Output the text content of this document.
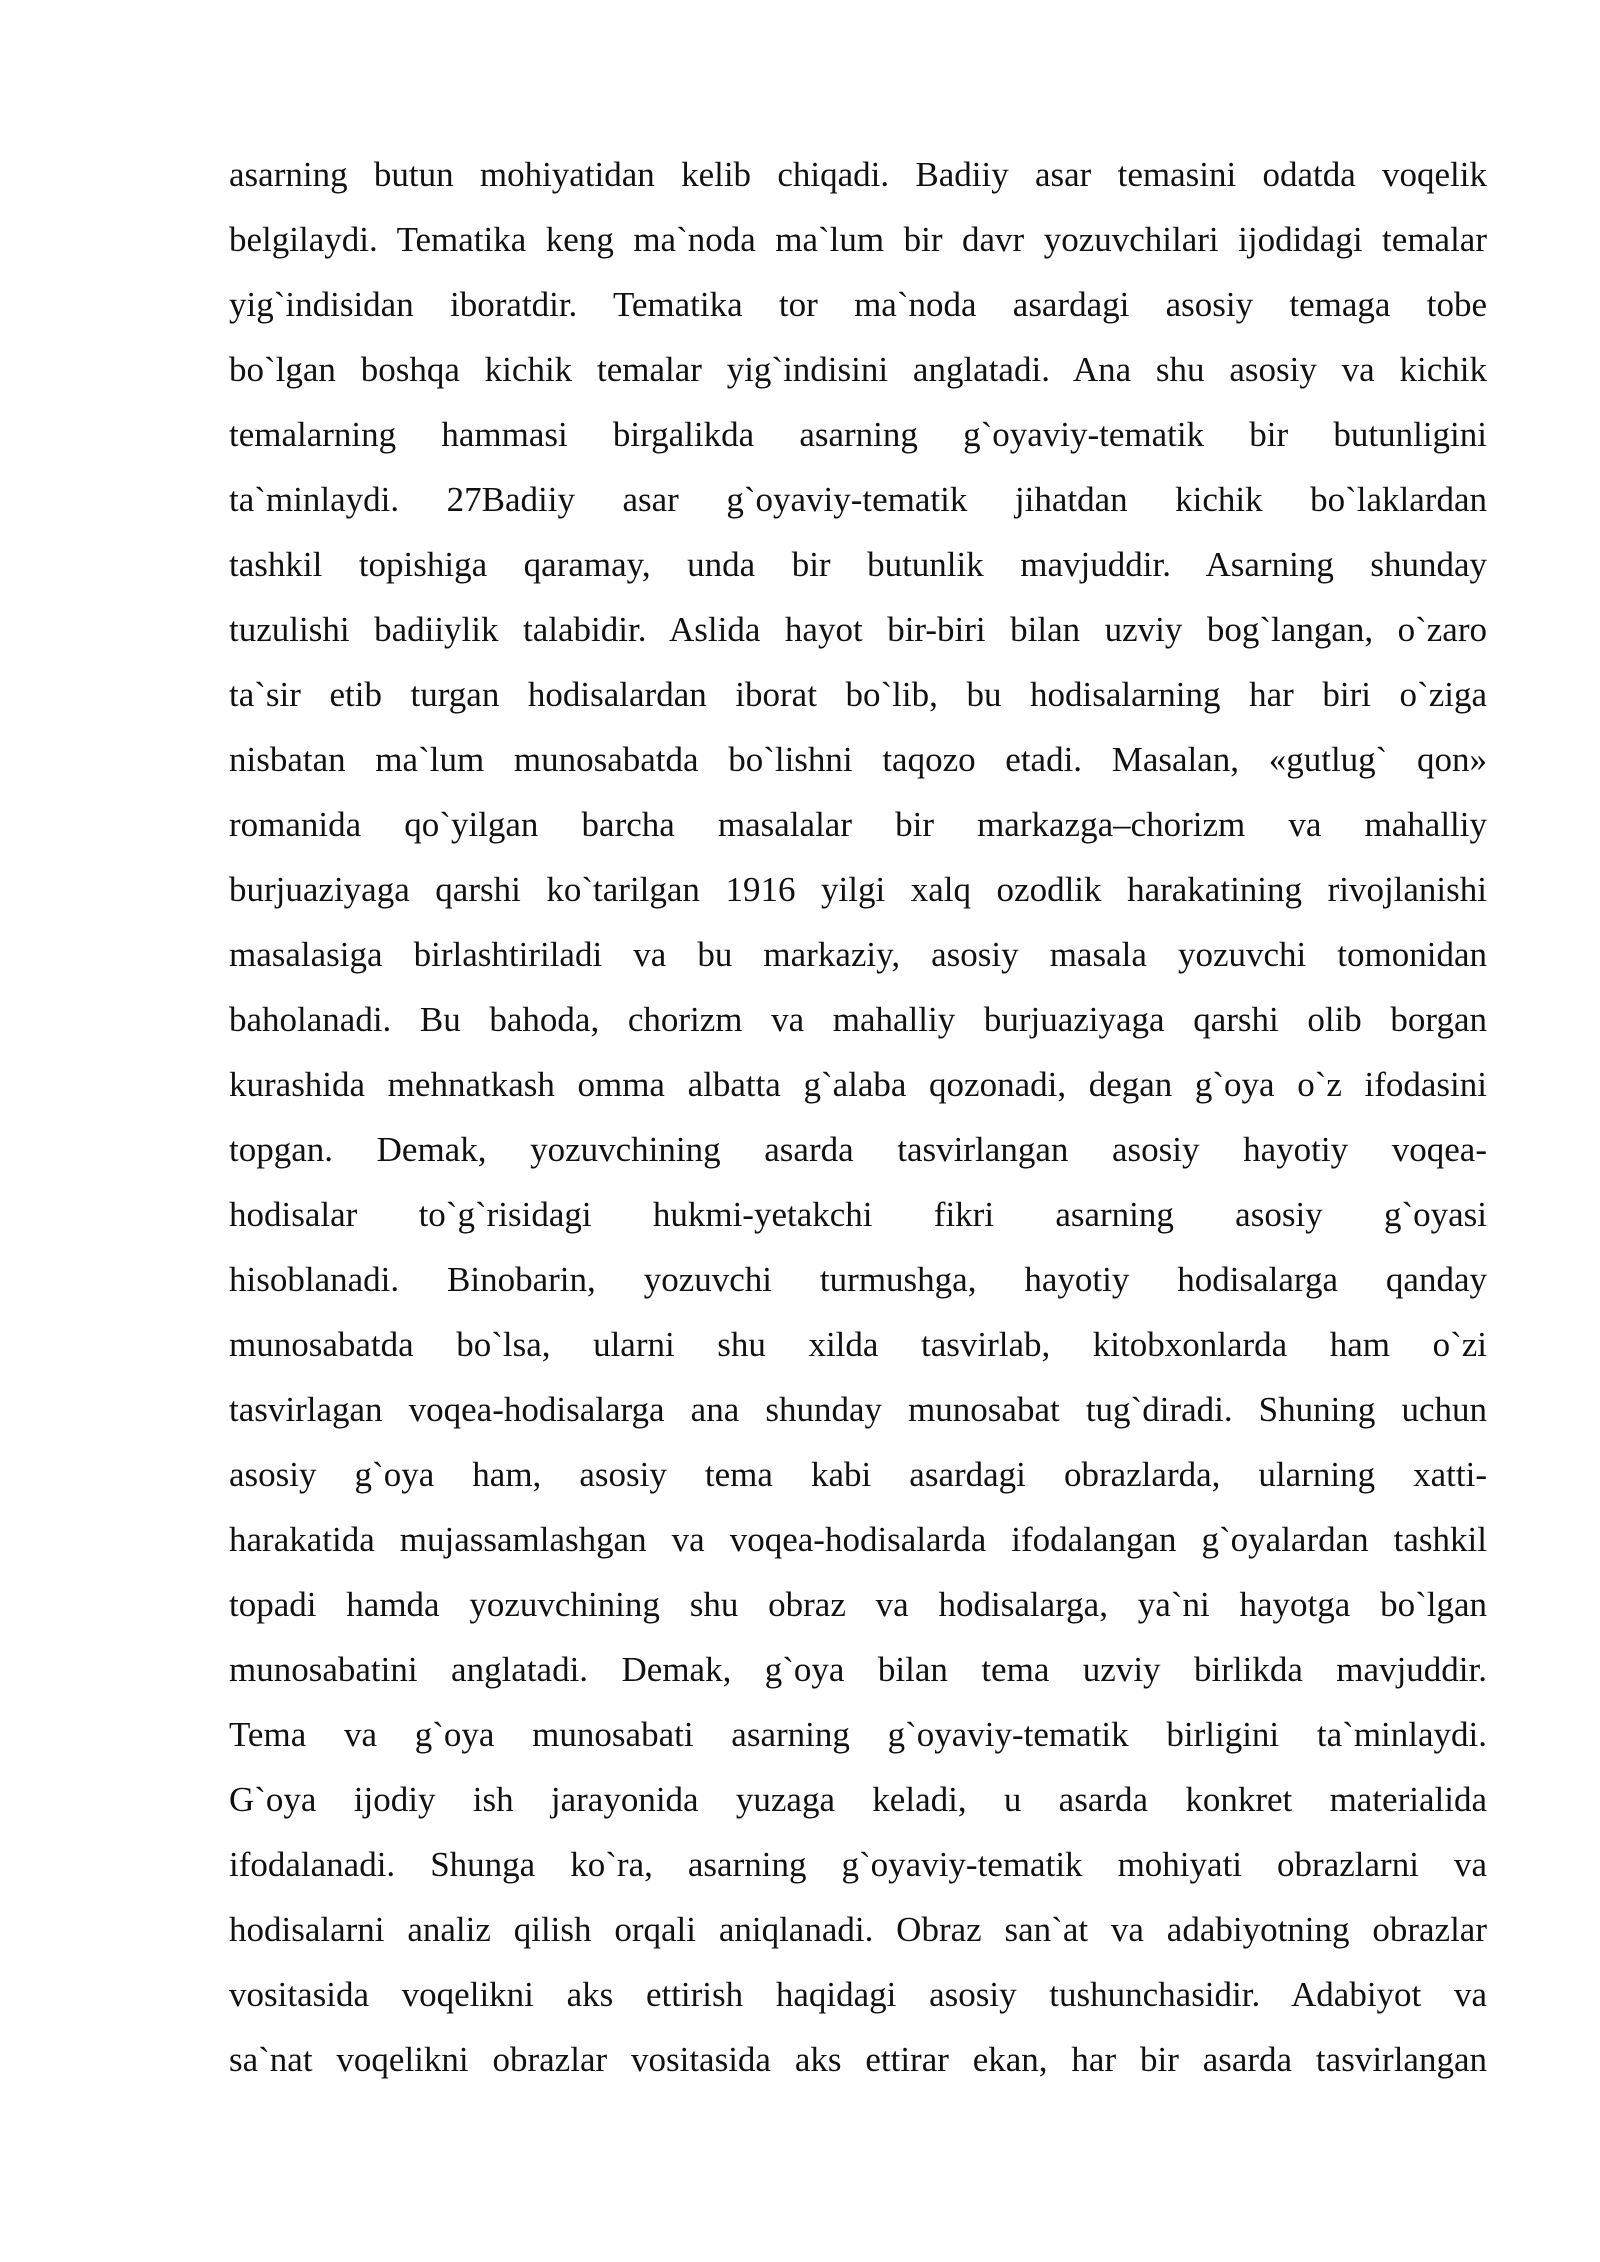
asarning butun mohiyatidan kelib chiqadi. Badiiy asar temasini odatda voqelik
belgilaydi. Tematika keng ma`noda ma`lum bir davr yozuvchilari ijodidagi temalar
yig`indisidan iboratdir. Tematika tor ma`noda asardagi asosiy temaga tobe
bo`lgan boshqa kichik temalar yig`indisini anglatadi. Ana shu asosiy va kichik
temalarning hammasi birgalikda asarning g`oyaviy-tematik bir butunligini
ta`minlaydi. 27Badiiy asar g`oyaviy-tematik jihatdan kichik bo`laklardan
tashkil topishiga qaramay, unda bir butunlik mavjuddir. Asarning shunday
tuzulishi badiiylik talabidir. Aslida hayot bir-biri bilan uzviy bog`langan, o`zaro
ta`sir etib turgan hodisalardan iborat bo`lib, bu hodisalarning har biri o`ziga
nisbatan ma`lum munosabatda bo`lishni taqozo etadi. Masalan, «gutlug` qon»
romanida qo`yilgan barcha masalalar bir markazga–chorizm va mahalliy
burjuaziyaga qarshi ko`tarilgan 1916 yilgi xalq ozodlik harakatining rivojlanishi
masalasiga birlashtiriladi va bu markaziy, asosiy masala yozuvchi tomonidan
baholanadi. Bu bahoda, chorizm va mahalliy burjuaziyaga qarshi olib borgan
kurashida mehnatkash omma albatta g`alaba qozonadi, degan g`oya o`z ifodasini
topgan. Demak, yozuvchining asarda tasvirlangan asosiy hayotiy voqea-
hodisalar to`g`risidagi hukmi-yetakchi fikri asarning asosiy g`oyasi
hisoblanadi. Binobarin, yozuvchi turmushga, hayotiy hodisalarga qanday
munosabatda bo`lsa, ularni shu xilda tasvirlab, kitobxonlarda ham o`zi
tasvirlagan voqea-hodisalarga ana shunday munosabat tug`diradi. Shuning uchun
asosiy g`oya ham, asosiy tema kabi asardagi obrazlarda, ularning xatti-
harakatida mujassamlashgan va voqea-hodisalarda ifodalangan g`oyalardan tashkil
topadi hamda yozuvchining shu obraz va hodisalarga, ya`ni hayotga bo`lgan
munosabatini anglatadi. Demak, g`oya bilan tema uzviy birlikda mavjuddir.
Tema va g`oya munosabati asarning g`oyaviy-tematik birligini ta`minlaydi.
G`oya ijodiy ish jarayonida yuzaga keladi, u asarda konkret materialida
ifodalanadi. Shunga ko`ra, asarning g`oyaviy-tematik mohiyati obrazlarni va
hodisalarni analiz qilish orqali aniqlanadi. Obraz san`at va adabiyotning obrazlar
vositasida voqelikni aks ettirish haqidagi asosiy tushunchasidir. Adabiyot va
sa`nat voqelikni obrazlar vositasida aks ettirar ekan, har bir asarda tasvirlangan
